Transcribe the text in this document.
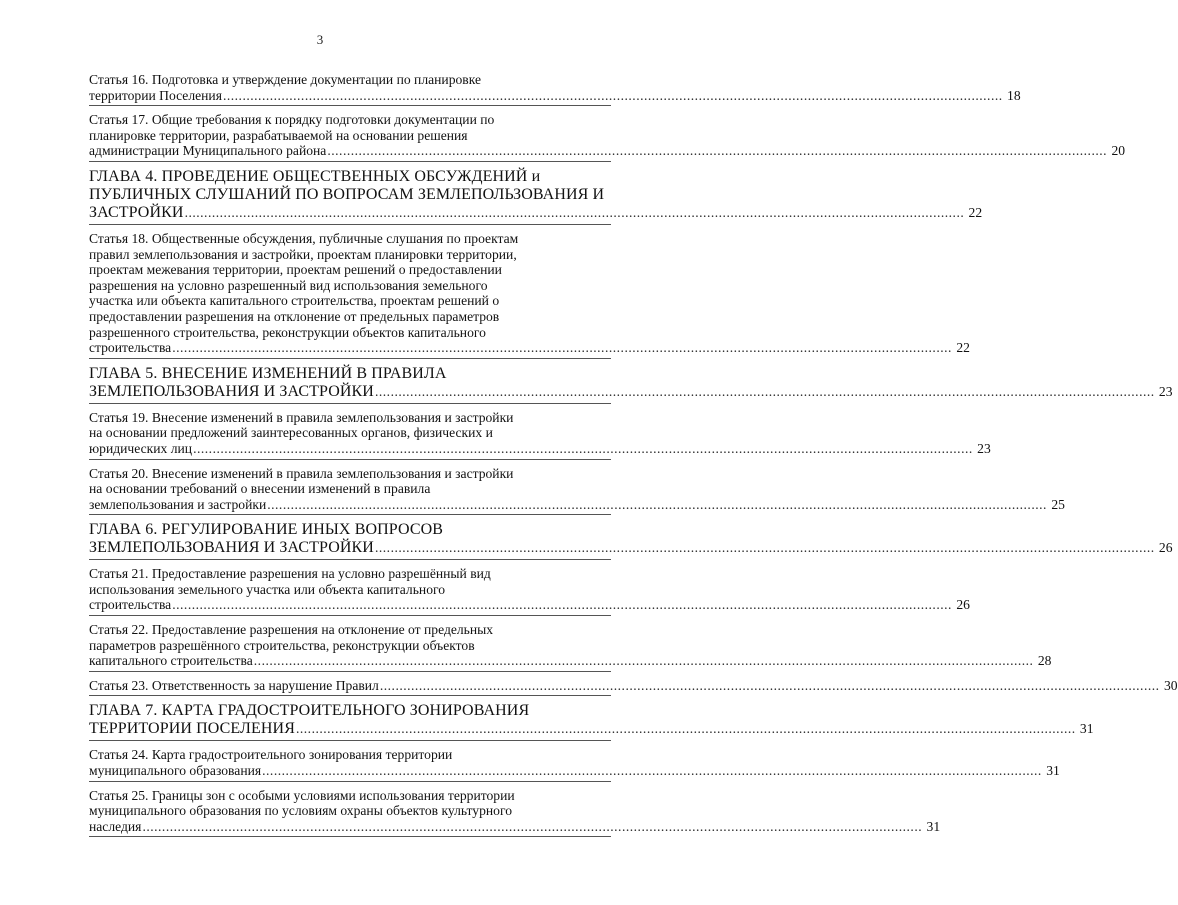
3
Статья 16. Подготовка и утверждение документации по планировке
территории Поселения ........................................................................................................................................................................................................ 18
Статья 17. Общие требования к порядку подготовки документации по
планировке территории, разрабатываемой на основании решения
администрации Муниципального района ........................................................................................................................................................................................................ 20
ГЛАВА 4. ПРОВЕДЕНИЕ ОБЩЕСТВЕННЫХ ОБСУЖДЕНИЙ и
ПУБЛИЧНЫХ СЛУШАНИЙ ПО ВОПРОСАМ ЗЕМЛЕПОЛЬЗОВАНИЯ И
ЗАСТРОЙКИ ........................................................................................................................................................................................................ 22
Статья 18. Общественные обсуждения, публичные слушания по проектам
правил землепользования и застройки, проектам планировки территории,
проектам межевания территории, проектам решений о предоставлении
разрешения на условно разрешенный вид использования земельного
участка или объекта капитального строительства, проектам решений о
предоставлении разрешения на отклонение от предельных параметров
разрешенного строительства, реконструкции объектов капитального
строительства ........................................................................................................................................................................................................ 22
ГЛАВА 5. ВНЕСЕНИЕ ИЗМЕНЕНИЙ В ПРАВИЛА
ЗЕМЛЕПОЛЬЗОВАНИЯ И ЗАСТРОЙКИ ........................................................................................................................................................................................................ 23
Статья 19. Внесение изменений в правила землепользования и застройки
на основании предложений заинтересованных органов, физических и
юридических лиц ........................................................................................................................................................................................................ 23
Статья 20. Внесение изменений в правила землепользования и застройки
на основании требований о внесении изменений в правила
землепользования и застройки ........................................................................................................................................................................................................ 25
ГЛАВА 6. РЕГУЛИРОВАНИЕ ИНЫХ ВОПРОСОВ
ЗЕМЛЕПОЛЬЗОВАНИЯ И ЗАСТРОЙКИ ........................................................................................................................................................................................................ 26
Статья 21. Предоставление разрешения на условно разрешённый вид
использования земельного участка или объекта капитального
строительства ........................................................................................................................................................................................................ 26
Статья 22. Предоставление разрешения на отклонение от предельных
параметров разрешённого строительства, реконструкции объектов
капитального строительства ........................................................................................................................................................................................................ 28
Статья 23. Ответственность за нарушение Правил ........................................................................................................................................................................................................ 30
ГЛАВА 7. КАРТА ГРАДОСТРОИТЕЛЬНОГО ЗОНИРОВАНИЯ
ТЕРРИТОРИИ ПОСЕЛЕНИЯ ........................................................................................................................................................................................................ 31
Статья 24. Карта градостроительного зонирования территории
муниципального образования ........................................................................................................................................................................................................ 31
Статья 25. Границы зон с особыми условиями использования территории
муниципального образования по условиям охраны объектов культурного
наследия ........................................................................................................................................................................................................ 31
